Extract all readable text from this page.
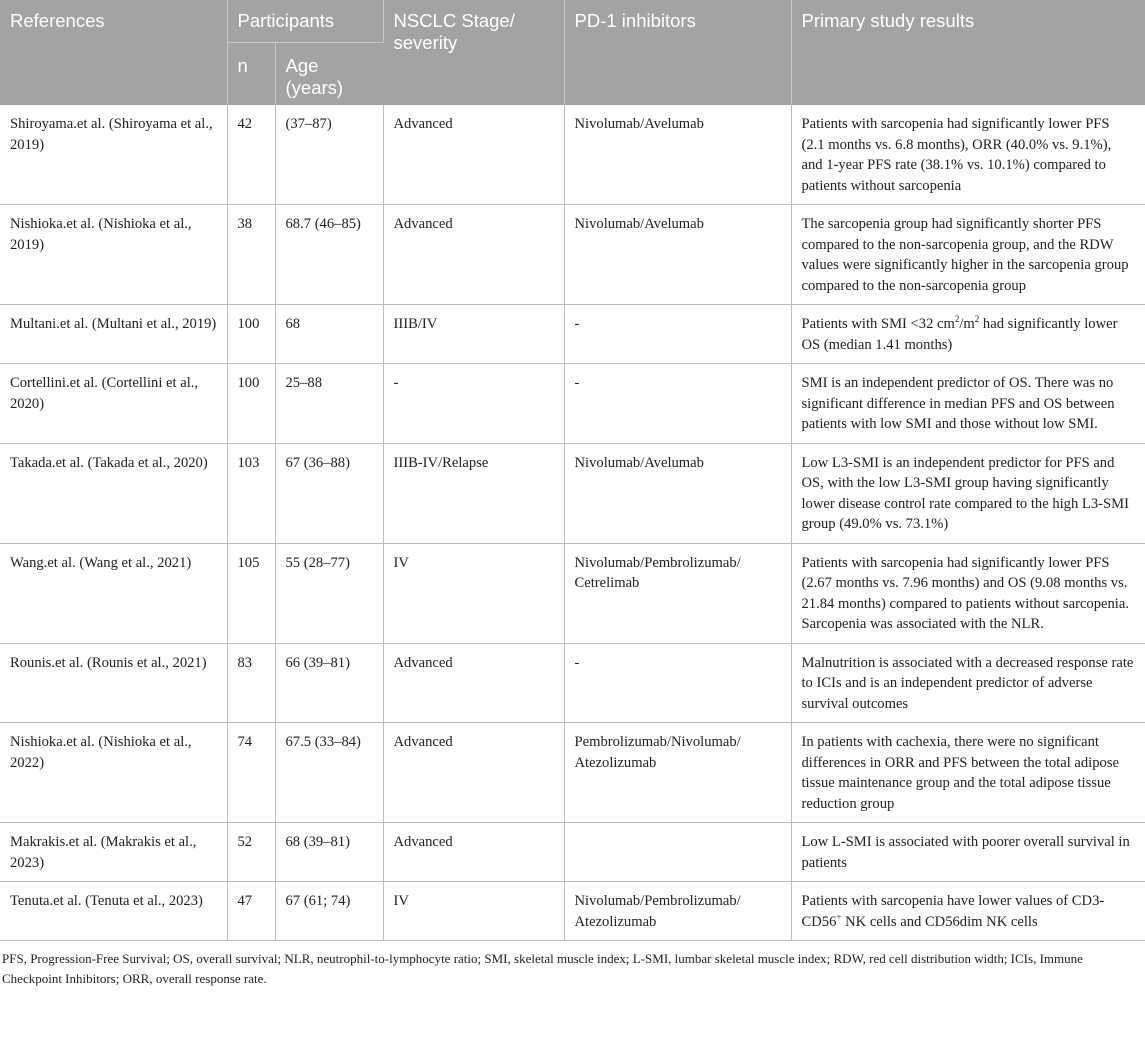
References	Participants		NSCLC Stage/ severity	PD-1 inhibitors	Primary study results
	n	Age (years)			
Shiroyama.et al. (Shiroyama et al., 2019)	42	(37–87)	Advanced	Nivolumab/Avelumab	Patients with sarcopenia had significantly lower PFS (2.1 months vs. 6.8 months), ORR (40.0% vs. 9.1%), and 1-year PFS rate (38.1% vs. 10.1%) compared to patients without sarcopenia
Nishioka.et al. (Nishioka et al., 2019)	38	68.7 (46–85)	Advanced	Nivolumab/Avelumab	The sarcopenia group had significantly shorter PFS compared to the non-sarcopenia group, and the RDW values were significantly higher in the sarcopenia group compared to the non-sarcopenia group
Multani.et al. (Multani et al., 2019)	100	68	IIIB/IV	-	Patients with SMI <32 $cm^2/m^2$ had significantly lower OS (median 1.41 months)
Cortellini.et al. (Cortellini et al., 2020)	100	25–88	-	-	SMI is an independent predictor of OS. There was no significant difference in median PFS and OS between patients with low SMI and those without low SMI.
Takada.et al. (Takada et al., 2020)	103	67 (36–88)	IIIB-IV/Relapse	Nivolumab/Avelumab	Low L3-SMI is an independent predictor for PFS and OS, with the low L3-SMI group having significantly lower disease control rate compared to the high L3-SMI group (49.0% vs. 73.1%)
Wang.et al. (Wang et al., 2021)	105	55 (28–77)	IV	Nivolumab/Pembrolizumab/ Cetrelimab	Patients with sarcopenia had significantly lower PFS (2.67 months vs. 7.96 months) and OS (9.08 months vs. 21.84 months) compared to patients without sarcopenia. Sarcopenia was associated with the NLR.
Rounis.et al. (Rounis et al., 2021)	83	66 (39–81)	Advanced	-	Malnutrition is associated with a decreased response rate to ICIs and is an independent predictor of adverse survival outcomes
Nishioka.et al. (Nishioka et al., 2022)	74	67.5 (33–84)	Advanced	Pembrolizumab/Nivolumab/ Atezolizumab	In patients with cachexia, there were no significant differences in ORR and PFS between the total adipose tissue maintenance group and the total adipose tissue reduction group
Makrakis.et al. (Makrakis et al., 2023)	52	68 (39–81)	Advanced		Low L-SMI is associated with poorer overall survival in patients
Tenuta.et al. (Tenuta et al., 2023)	47	67 (61; 74)	IV	Nivolumab/Pembrolizumab/ Atezolizumab	Patients with sarcopenia have lower values of CD3-CD56+ NK cells and CD56dim NK cells
PFS, Progression-Free Survival; OS, overall survival; NLR, neutrophil-to-lymphocyte ratio; SMI, skeletal muscle index; L-SMI, lumbar skeletal muscle index; RDW, red cell distribution width; ICIs, Immune Checkpoint Inhibitors; ORR, overall response rate.
